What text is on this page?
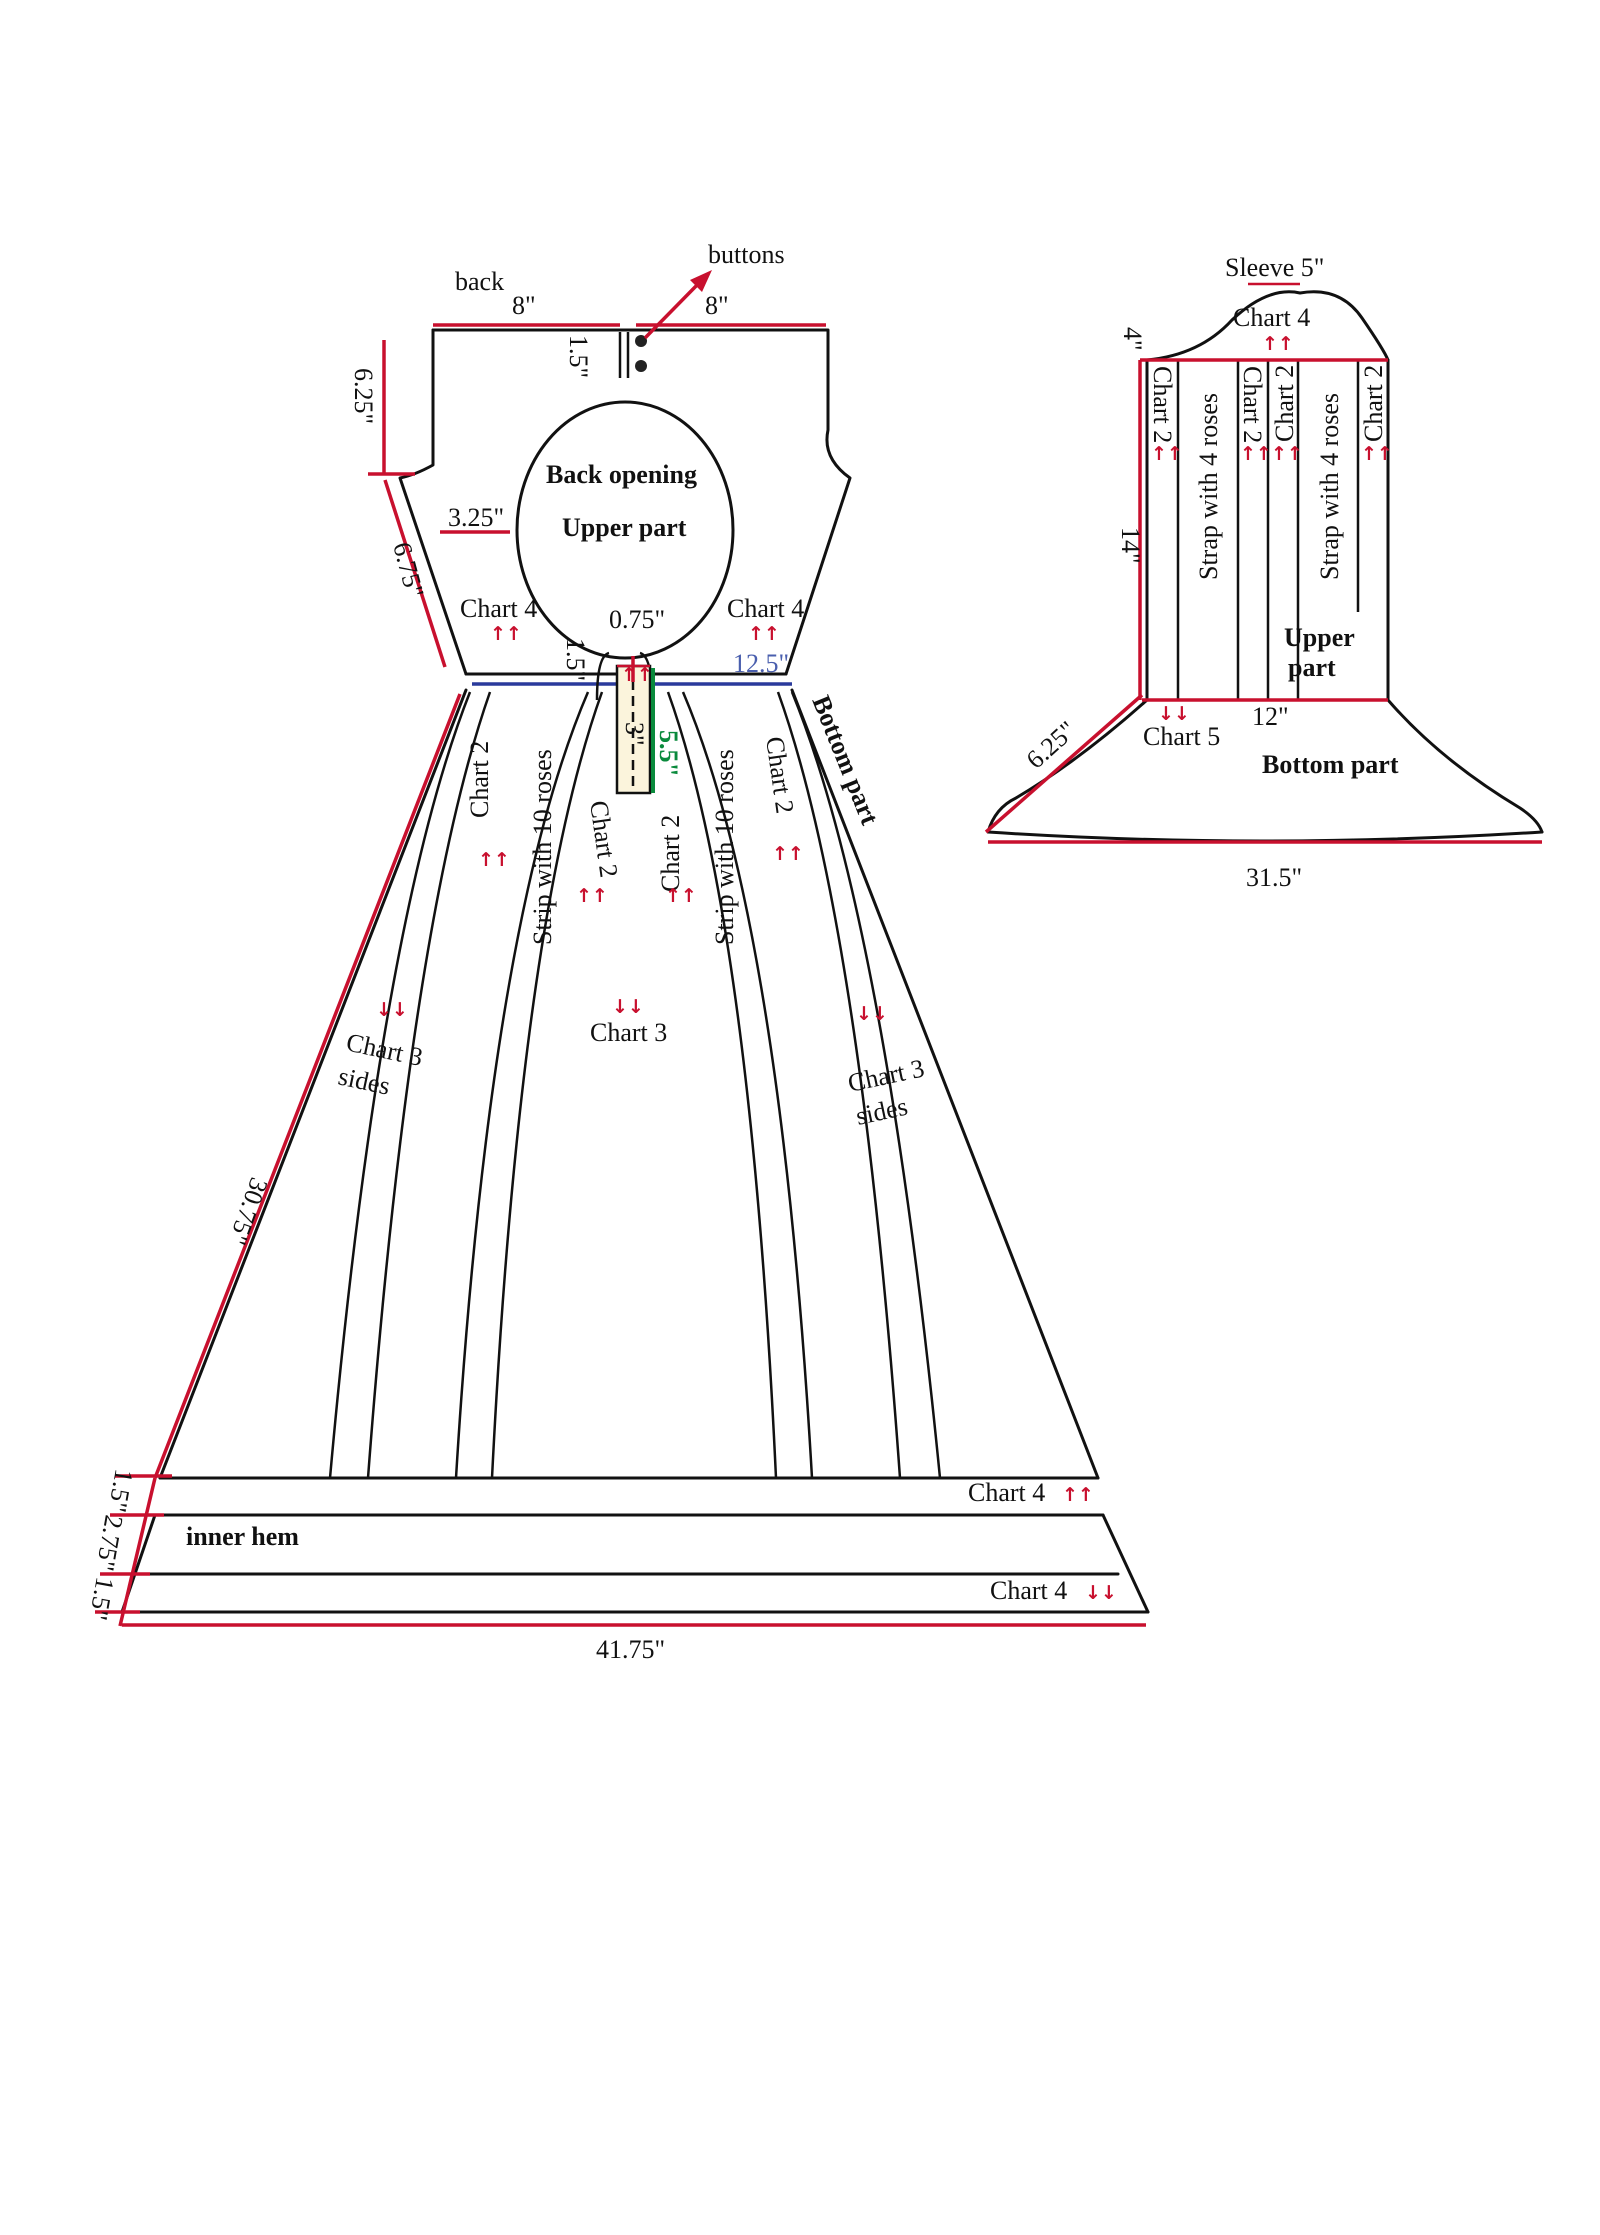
back
buttons
8"	8"
6.25"
1.5"
6.75"
3.25"
Back opening
Upper part
Chart 4
↑↑
Chart 4
↑↑
0.75"
↑↑
1.5"	12.5"
3" 5.5"	Bottom part
Chart 2
↑↑ Strip with 10 roses Chart 2
↑↑
Chart 2
↑↑ Strip with 10 roses Chart 2
↑↑
↓↓
Chart 3
sides
↓↓
Chart 3
↓↓
Chart 3
sides
30.75"
Chart 4 ↑↑
inner hem
Chart 4 ↓↓
1.5"
2.75"
1.5"
41.75"
Sleeve 5"
Chart 4
↑↑
4"
14"
Chart 2
↑↑ Strap with 4 roses Chart 2
↑↑
Chart 2
↑↑ Strap with 4 roses Chart 2
↑↑
Upper
part
↓↓
Chart 5
12"
6.25"	Bottom part
31.5"
